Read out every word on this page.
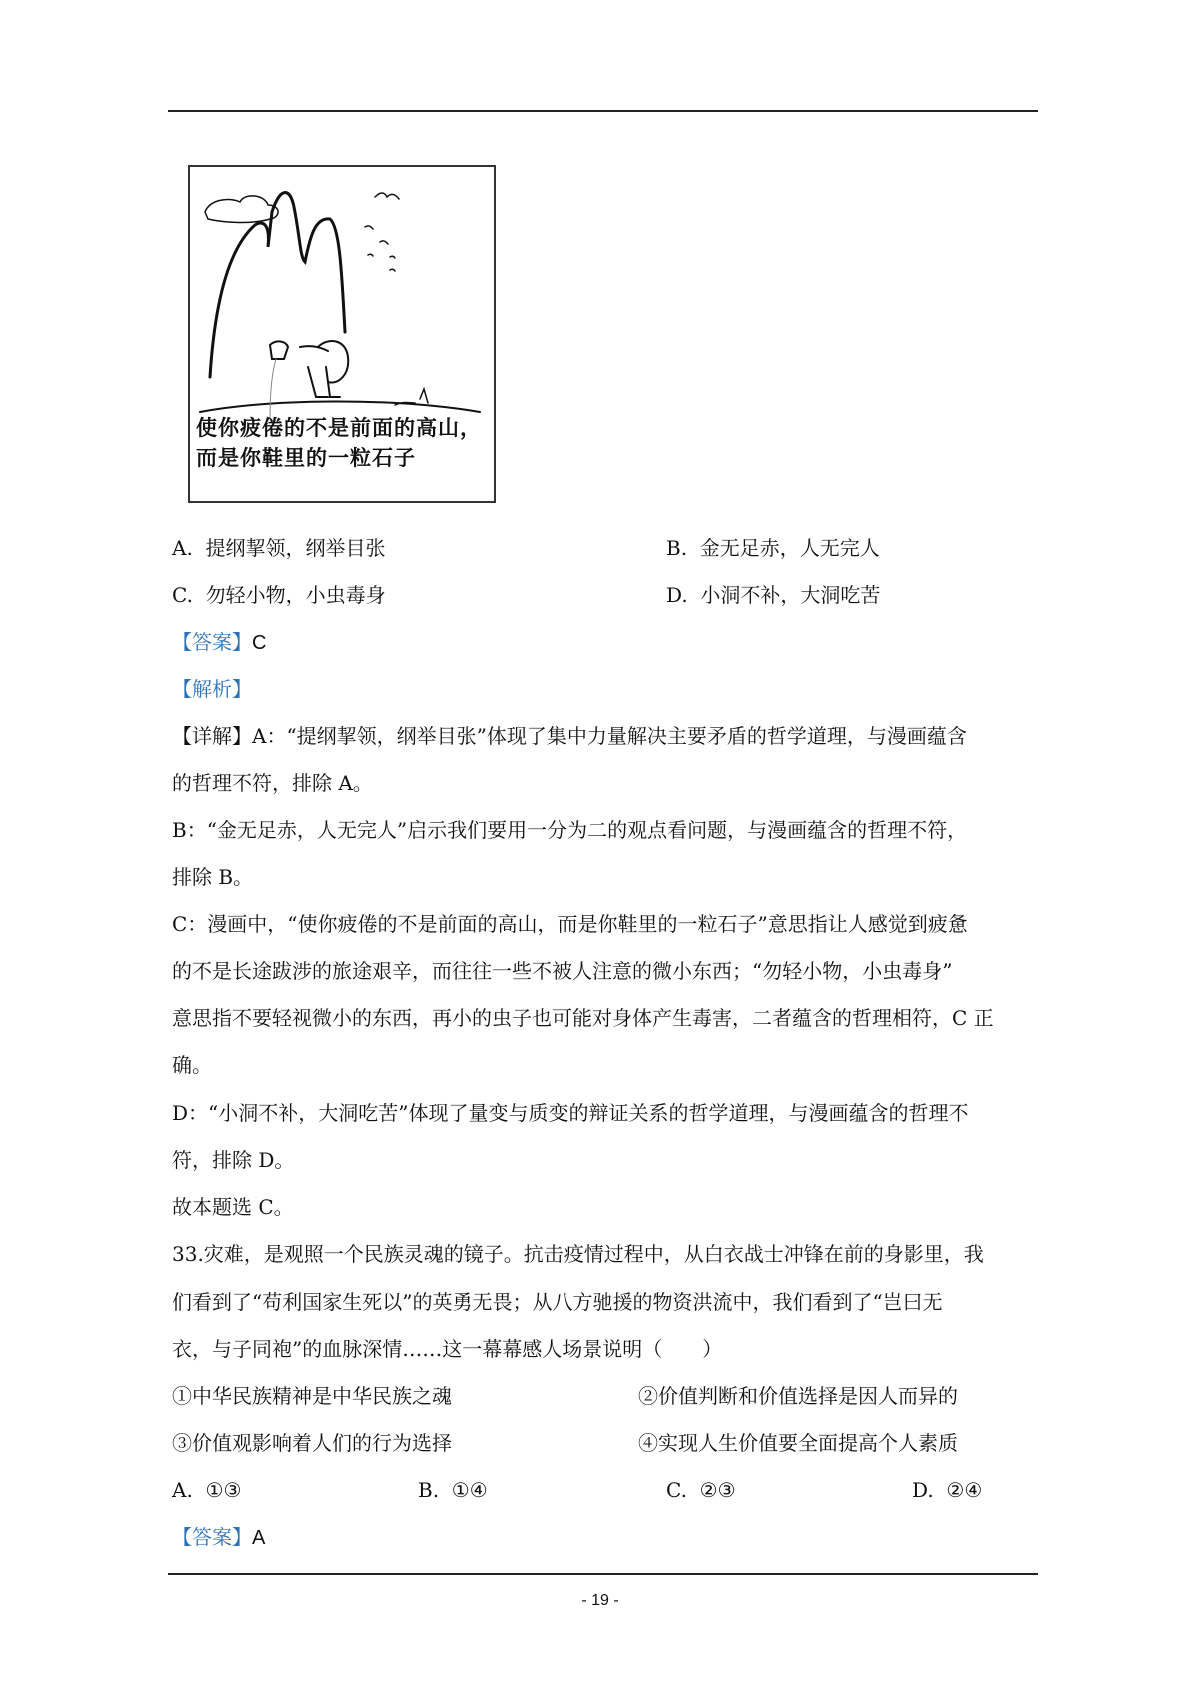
使你疲倦的不是前面的高山，
而是你鞋里的一粒石子
A. 提纲挈领，纲举目张	B. 金无足赤，人无完人
C. 勿轻小物，小虫毒身	D. 小洞不补，大洞吃苦
【答案】C
【解析】
【详解】A：“提纲挈领，纲举目张”体现了集中力量解决主要矛盾的哲学道理，与漫画蕴含
的哲理不符，排除 A。
B：“金无足赤，人无完人”启示我们要用一分为二的观点看问题，与漫画蕴含的哲理不符，
排除 B。
C：漫画中，“使你疲倦的不是前面的高山，而是你鞋里的一粒石子”意思指让人感觉到疲惫
的不是长途跋涉的旅途艰辛，而往往一些不被人注意的微小东西；“勿轻小物，小虫毒身”
意思指不要轻视微小的东西，再小的虫子也可能对身体产生毒害，二者蕴含的哲理相符，C 正
确。
D：“小洞不补，大洞吃苦”体现了量变与质变的辩证关系的哲学道理，与漫画蕴含的哲理不
符，排除 D。
故本题选 C。
33.灾难，是观照一个民族灵魂的镜子。抗击疫情过程中，从白衣战士冲锋在前的身影里，我
们看到了“苟利国家生死以”的英勇无畏；从八方驰援的物资洪流中，我们看到了“岂曰无
衣，与子同袍”的血脉深情……这一幕幕感人场景说明（　　）
①中华民族精神是中华民族之魂	②价值判断和价值选择是因人而异的
③价值观影响着人们的行为选择	④实现人生价值要全面提高个人素质
A. ①③	B. ①④	C. ②③	D. ②④
【答案】A
- 19 -
